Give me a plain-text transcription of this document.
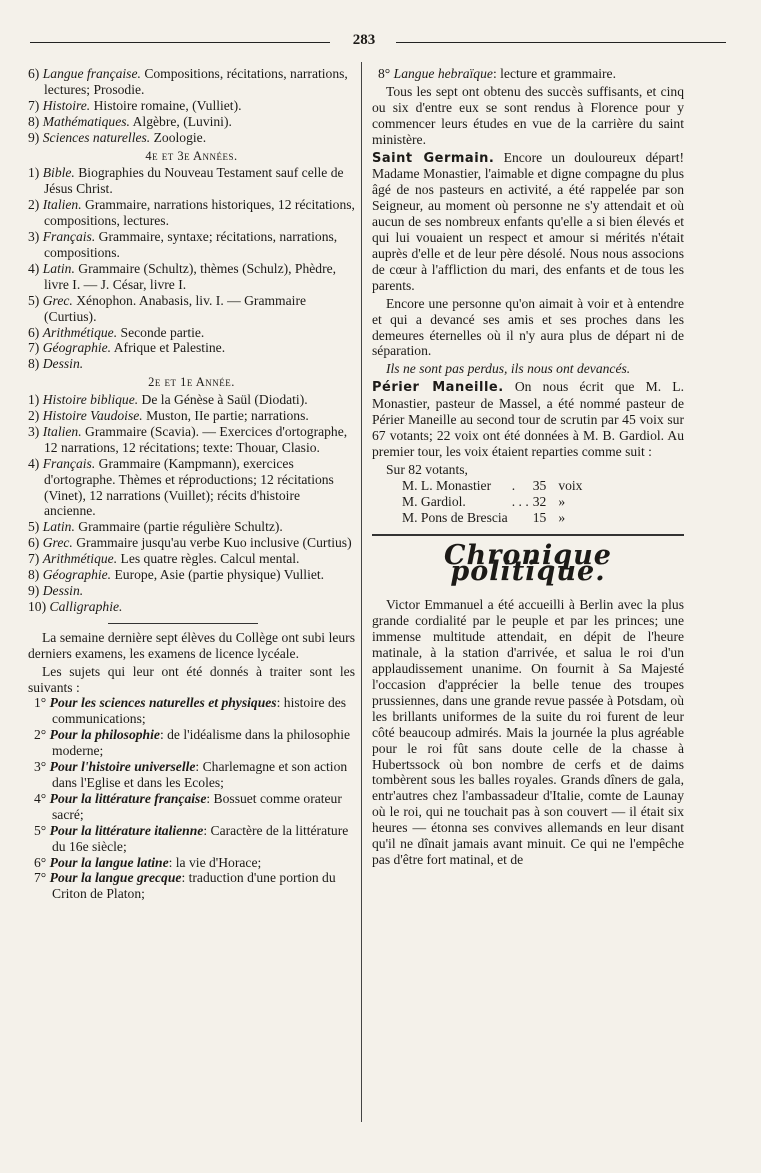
283

6) Langue française. Compositions, récitations, narrations, lectures; Prosodie.

7) Histoire. Histoire romaine, (Vulliet).

8) Mathématiques. Algèbre, (Luvini).

9) Sciences naturelles. Zoologie.

4e et 3e Années.

1) Bible. Biographies du Nouveau Testament sauf celle de Jésus Christ.

2) Italien. Grammaire, narrations historiques, 12 récitations, compositions, lectures.

3) Français. Grammaire, syntaxe; récitations, narrations, compositions.

4) Latin. Grammaire (Schultz), thèmes (Schulz), Phèdre, livre I. — J. César, livre I.

5) Grec. Xénophon. Anabasis, liv. I. — Grammaire (Curtius).

6) Arithmétique. Seconde partie.

7) Géographie. Afrique et Palestine.

8) Dessin.

2e et 1e Année.

1) Histoire biblique. De la Génèse à Saül (Diodati).

2) Histoire Vaudoise. Muston, IIe partie; narrations.

3) Italien. Grammaire (Scavia). — Exercices d'ortographe, 12 narrations, 12 récitations; texte: Thouar, Clasio.

4) Français. Grammaire (Kampmann), exercices d'ortographe. Thèmes et réproductions; 12 récitations (Vinet), 12 narrations (Vuillet); récits d'histoire ancienne.

5) Latin. Grammaire (partie régulière Schultz).

6) Grec. Grammaire jusqu'au verbe Kuo inclusive (Curtius)

7) Arithmétique. Les quatre règles. Calcul mental.

8) Géographie. Europe, Asie (partie physique) Vulliet.

9) Dessin.

10) Calligraphie.

La semaine dernière sept élèves du Collège ont subi leurs derniers examens, les examens de licence lycéale.

Les sujets qui leur ont été donnés à traiter sont les suivants :

1° Pour les sciences naturelles et physiques: histoire des communications;

2° Pour la philosophie: de l'idéalisme dans la philosophie moderne;

3° Pour l'histoire universelle: Charlemagne et son action dans l'Eglise et dans les Ecoles;

4° Pour la littérature française: Bossuet comme orateur sacré;

5° Pour la littérature italienne: Caractère de la littérature du 16e siècle;

6° Pour la langue latine: la vie d'Horace;

7° Pour la langue grecque: traduction d'une portion du Criton de Platon;

8° Langue hebraïque: lecture et grammaire.

Tous les sept ont obtenu des succès suffisants, et cinq ou six d'entre eux se sont rendus à Florence pour y commencer leurs études en vue de la carrière du saint ministère.

Saint Germain. Encore un douloureux départ! Madame Monastier, l'aimable et digne compagne du plus âgé de nos pasteurs en activité, a été rappelée par son Seigneur, au moment où personne ne s'y attendait et où aucun de ses nombreux enfants qu'elle a si bien élevés et qui lui vouaient un respect et amour si mérités n'était auprès d'elle et de leur père désolé. Nous nous associons de cœur à l'affliction du mari, des enfants et de tous les parents.

Encore une personne qu'on aimait à voir et à entendre et qui a devancé ses amis et ses proches dans les demeures éternelles où il n'y aura plus de départ ni de séparation.

Ils ne sont pas perdus, ils nous ont devancés.

Périer Maneille. On nous écrit que M. L. Monastier, pasteur de Massel, a été nommé pasteur de Périer Maneille au second tour de scrutin par 45 voix sur 67 votants; 22 voix ont été données à M. B. Gardiol. Au premier tour, les voix étaient reparties comme suit :

Sur 82 votants,

M. L. Monastier	.	35	voix
M. Gardiol.	. . .	32	»
M. Pons de Brescia		15	»
Chronique politique.

Victor Emmanuel a été accueilli à Berlin avec la plus grande cordialité par le peuple et par les princes; une immense multitude attendait, en dépit de l'heure matinale, à la station d'arrivée, et salua le roi d'un applaudissement unanime. On fournit à Sa Majesté l'occasion d'apprécier la belle tenue des troupes prussiennes, dans une grande revue passée à Potsdam, où les brillants uniformes de la suite du roi furent de leur côté beaucoup admirés. Mais la journée la plus agréable pour le roi fût sans doute celle de la chasse à Hubertssock où bon nombre de cerfs et de daims tombèrent sous les balles royales. Grands dîners de gala, entr'autres chez l'ambassadeur d'Italie, comte de Launay où le roi, qui ne touchait pas à son couvert — il était six heures — étonna ses convives allemands en leur disant qu'il ne dînait jamais avant minuit. Ce qui ne l'empêche pas d'être fort matinal, et de
